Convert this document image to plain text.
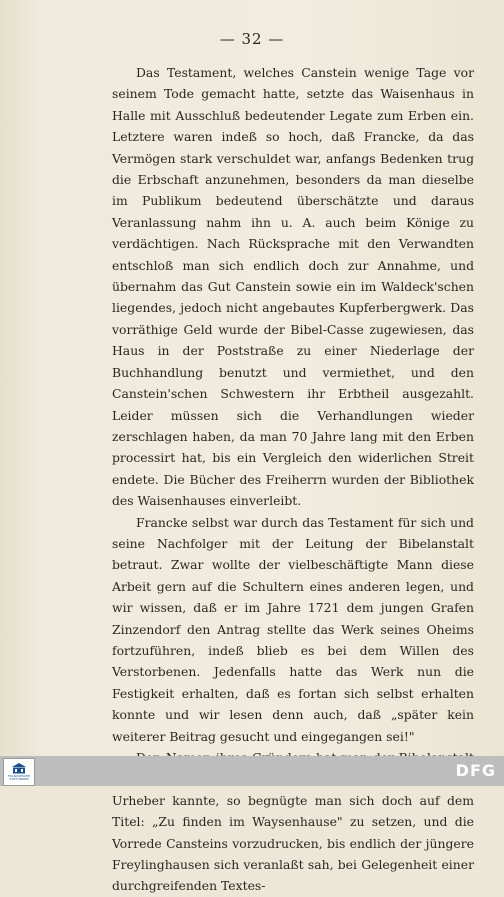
— 32 —

Das Testament, welches Canstein wenige Tage vor seinem Tode gemacht hatte, setzte das Waisenhaus in Halle mit Ausschluß bedeutender Legate zum Erben ein. Letztere waren indeß so hoch, daß Francke, da das Vermögen stark verschuldet war, anfangs Bedenken trug die Erbschaft anzunehmen, besonders da man dieselbe im Publikum bedeutend überschätzte und daraus Veranlassung nahm ihn u. A. auch beim Könige zu verdächtigen. Nach Rücksprache mit den Verwandten entschloß man sich endlich doch zur Annahme, und übernahm das Gut Canstein sowie ein im Waldeck'schen liegendes, jedoch nicht angebautes Kupferbergwerk. Das vorräthige Geld wurde der Bibel-Casse zugewiesen, das Haus in der Poststraße zu einer Niederlage der Buchhandlung benutzt und vermiethet, und den Canstein'schen Schwestern ihr Erbtheil ausgezahlt. Leider müssen sich die Verhandlungen wieder zerschlagen haben, da man 70 Jahre lang mit den Erben processirt hat, bis ein Vergleich den widerlichen Streit endete. Die Bücher des Freiherrn wurden der Bibliothek des Waisenhauses einverleibt.

Francke selbst war durch das Testament für sich und seine Nachfolger mit der Leitung der Bibelanstalt betraut. Zwar wollte der vielbeschäftigte Mann diese Arbeit gern auf die Schultern eines anderen legen, und wir wissen, daß er im Jahre 1721 dem jungen Grafen Zinzendorf den Antrag stellte das Werk seines Oheims fortzuführen, indeß blieb es bei dem Willen des Verstorbenen. Jedenfalls hatte das Werk nun die Festigkeit erhalten, daß es fortan sich selbst erhalten konnte und wir lesen denn auch, daß „später kein weiterer Beitrag gesucht und eingegangen sei!"

Urheber kannte, so begnügte man sich doch auf dem Titel: „Zu finden im Waysenhause" zu setzen, und die Vorrede Cansteins vorzudrucken, bis endlich der jüngere Freylinghausen sich veranlaßt sah, bei Gelegenheit einer durchgreifenden Textes-

FRANCKESCHE
STIFTUNGEN	DFG
